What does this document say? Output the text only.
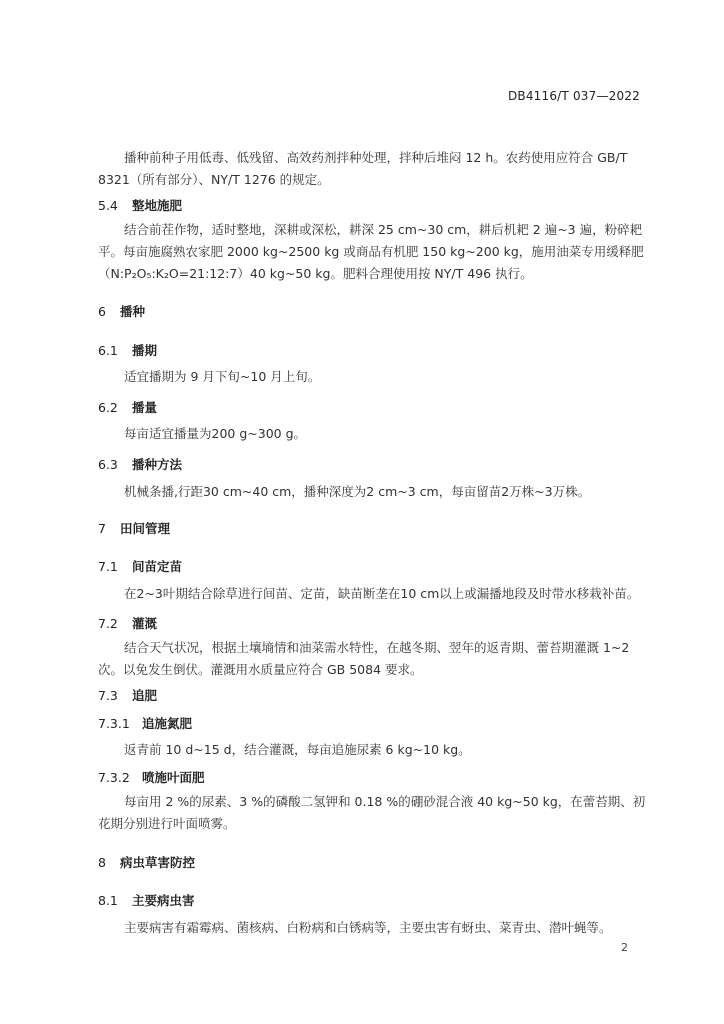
DB4116/T 037—2022

播种前种子用低毒、低残留、高效药剂拌种处理，拌种后堆闷 12 h。农药使用应符合 GB/T 8321（所有部分）、NY/T 1276 的规定。

5.4 整地施肥

结合前茬作物，适时整地，深耕或深松，耕深 25 cm~30 cm，耕后机耙 2 遍~3 遍，粉碎耙平。每亩施腐熟农家肥 2000 kg~2500 kg 或商品有机肥 150 kg~200 kg，施用油菜专用缓释肥（N:P₂O₅:K₂O=21:12:7）40 kg~50 kg。肥料合理使用按 NY/T 496 执行。

6 播种
6.1 播期
适宜播期为 9 月下旬~10 月上旬。
6.2 播量
每亩适宜播量为200 g~300 g。
6.3 播种方法
机械条播,行距30 cm~40 cm，播种深度为2 cm~3 cm，每亩留苗2万株~3万株。
7 田间管理
7.1 间苗定苗
在2~3叶期结合除草进行间苗、定苗，缺苗断垄在10 cm以上或漏播地段及时带水移栽补苗。
7.2 灌溉

结合天气状况，根据土壤墒情和油菜需水特性，在越冬期、翌年的返青期、蕾苔期灌溉 1~2 次。以免发生倒伏。灌溉用水质量应符合 GB 5084 要求。

7.3 追肥
7.3.1 追施氮肥
返青前 10 d~15 d，结合灌溉，每亩追施尿素 6 kg~10 kg。
7.3.2 喷施叶面肥

每亩用 2 %的尿素、3 %的磷酸二氢钾和 0.18 %的硼砂混合液 40 kg~50 kg，在蕾苔期、初花期分别进行叶面喷雾。

8 病虫草害防控
8.1 主要病虫害
主要病害有霜霉病、菌核病、白粉病和白锈病等，主要虫害有蚜虫、菜青虫、潜叶蝇等。
2
